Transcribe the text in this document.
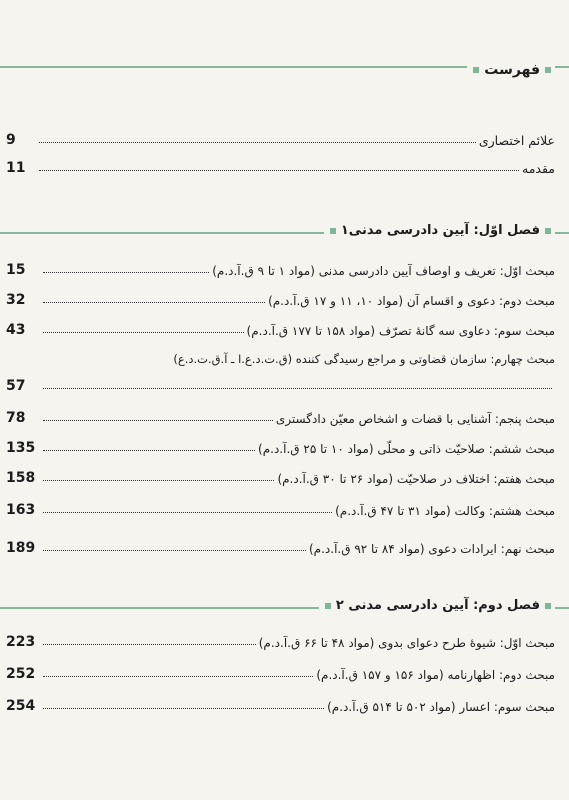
فهرست
علائم اختصاری
9
مقدمه
11
فصل اوّل: آیین دادرسی مدنی۱
مبحث اوّل: تعریف و اوصاف آیین دادرسی مدنی (مواد ۱ تا ۹ ق.آ.د.م)
15
مبحث دوم: دعوی و اقسام آن (مواد ۱۰، ۱۱ و ۱۷ ق.آ.د.م)
32
مبحث سوم: دعاوی سه گانهٔ تصرّف (مواد ۱۵۸ تا ۱۷۷ ق.آ.د.م)
43
مبحث چهارم: سازمان قضاوتی و مراجع رسیدگی کننده (ق.ت.د.ع.ا ـ آ.ق.ت.د.ع)
57
مبحث پنجم: آشنایی با قضات و اشخاص معیّن دادگستری
78
مبحث ششم: صلاحیّت ذاتی و محلّی (مواد ۱۰ تا ۲۵ ق.آ.د.م)
135
مبحث هفتم: اختلاف در صلاحیّت (مواد ۲۶ تا ۳۰ ق.آ.د.م)
158
مبحث هشتم: وکالت (مواد ۳۱ تا ۴۷ ق.آ.د.م)
163
مبحث نهم: ایرادات دعوی (مواد ۸۴ تا ۹۲ ق.آ.د.م)
189
فصل دوم: آیین دادرسی مدنی ۲
مبحث اوّل: شیوهٔ طرح دعوای بدوی (مواد ۴۸ تا ۶۶ ق.آ.د.م)
223
مبحث دوم: اظهارنامه (مواد ۱۵۶ و ۱۵۷ ق.آ.د.م)
252
مبحث سوم: اعسار (مواد ۵۰۲ تا ۵۱۴ ق.آ.د.م)
254
